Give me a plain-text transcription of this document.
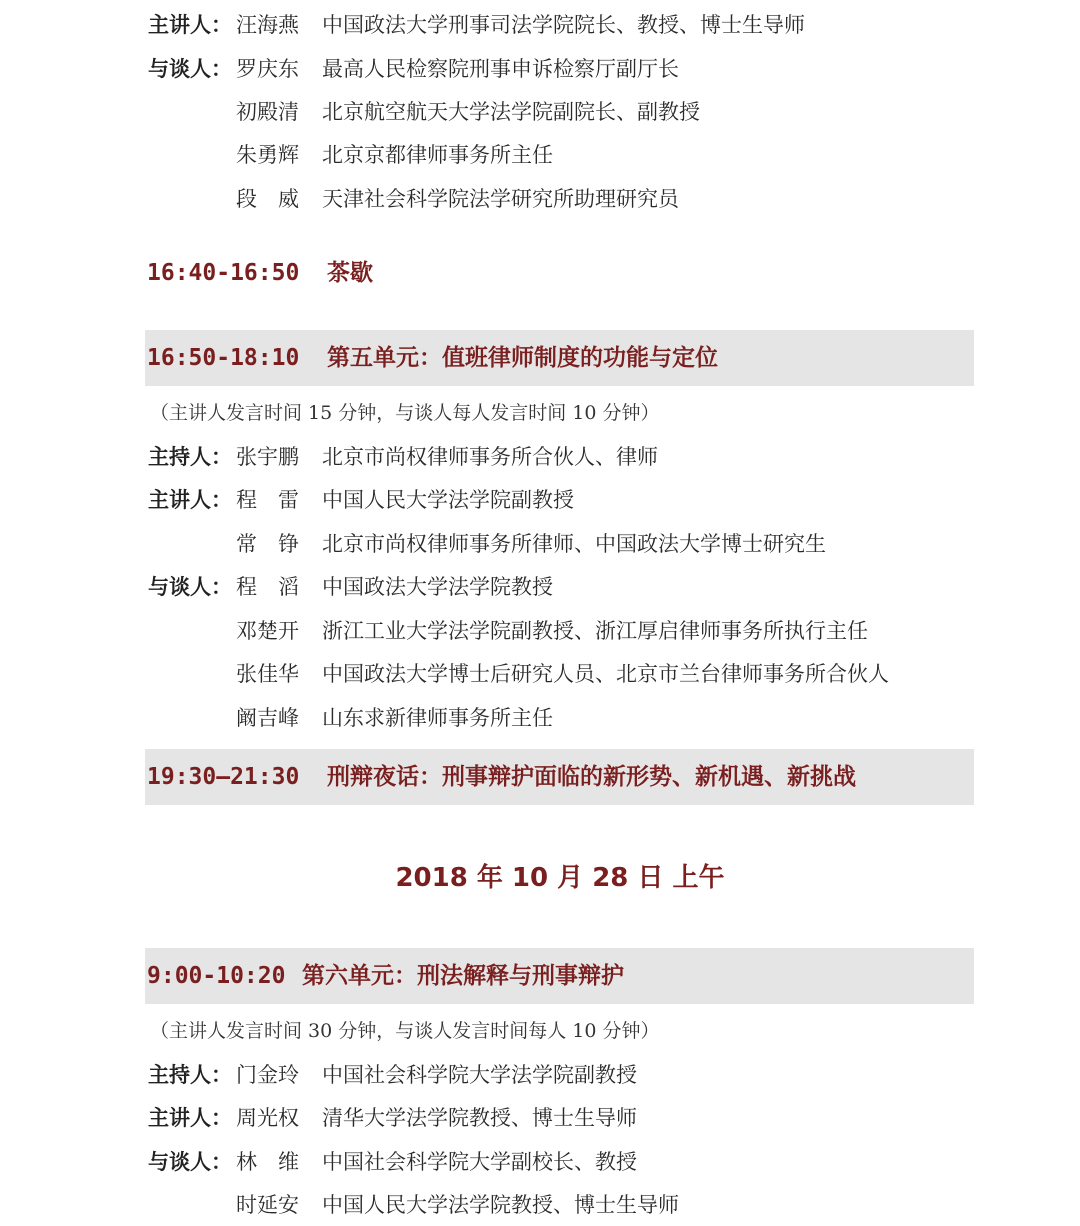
主讲人： 汪海燕 中国政法大学刑事司法学院院长、教授、博士生导师
与谈人： 罗庆东 最高人民检察院刑事申诉检察厅副厅长
初殿清 北京航空航天大学法学院副院长、副教授
朱勇辉 北京京都律师事务所主任
段　威 天津社会科学院法学研究所助理研究员
16:40-16:50 茶歇
16:50-18:10 第五单元：值班律师制度的功能与定位
（主讲人发言时间 15 分钟，与谈人每人发言时间 10 分钟）
主持人： 张宇鹏 北京市尚权律师事务所合伙人、律师
主讲人： 程　雷 中国人民大学法学院副教授
常　铮 北京市尚权律师事务所律师、中国政法大学博士研究生
与谈人： 程　滔 中国政法大学法学院教授
邓楚开 浙江工业大学法学院副教授、浙江厚启律师事务所执行主任
张佳华 中国政法大学博士后研究人员、北京市兰台律师事务所合伙人
阚吉峰 山东求新律师事务所主任
19:30—21:30 刑辩夜话：刑事辩护面临的新形势、新机遇、新挑战
2018 年 10 月 28 日 上午
9:00-10:20 第六单元：刑法解释与刑事辩护
（主讲人发言时间 30 分钟，与谈人发言时间每人 10 分钟）
主持人： 门金玲 中国社会科学院大学法学院副教授
主讲人： 周光权 清华大学法学院教授、博士生导师
与谈人： 林　维 中国社会科学院大学副校长、教授
时延安 中国人民大学法学院教授、博士生导师
